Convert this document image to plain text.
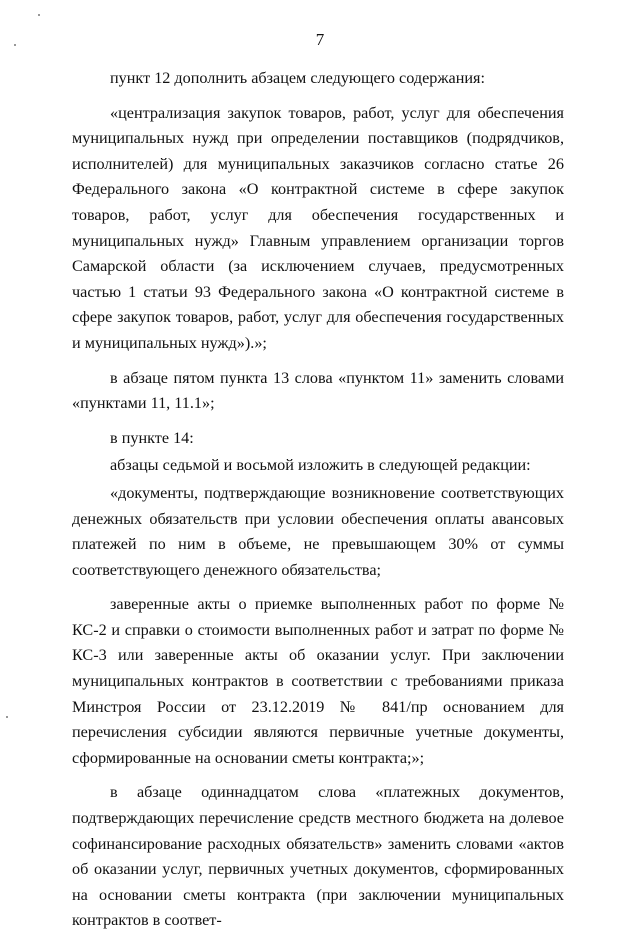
7

пункт 12 дополнить абзацем следующего содержания:

«централизация закупок товаров, работ, услуг для обеспечения муниципальных нужд при определении поставщиков (подрядчиков, исполнителей) для муниципальных заказчиков согласно статье 26 Федерального закона «О контрактной системе в сфере закупок товаров, работ, услуг для обеспечения государственных и муниципальных нужд» Главным управлением организации торгов Самарской области (за исключением случаев, предусмотренных частью 1 статьи 93 Федерального закона «О контрактной системе в сфере закупок товаров, работ, услуг для обеспечения государственных и муниципальных нужд»).»;

в абзаце пятом пункта 13 слова «пунктом 11» заменить словами «пунктами 11, 11.1»;

в пункте 14:

абзацы седьмой и восьмой изложить в следующей редакции:

«документы, подтверждающие возникновение соответствующих денежных обязательств при условии обеспечения оплаты авансовых платежей по ним в объеме, не превышающем 30% от суммы соответствующего денежного обязательства;

заверенные акты о приемке выполненных работ по форме № КС-2 и справки о стоимости выполненных работ и затрат по форме № КС-3 или заверенные акты об оказании услуг. При заключении муниципальных контрактов в соответствии с требованиями приказа Минстроя России от 23.12.2019 № 841/пр основанием для перечисления субсидии являются первичные учетные документы, сформированные на основании сметы контракта;»;

в абзаце одиннадцатом слова «платежных документов, подтверждающих перечисление средств местного бюджета на долевое софинансирование расходных обязательств» заменить словами «актов об оказании услуг, первичных учетных документов, сформированных на основании сметы контракта (при заключении муниципальных контрактов в соответ-
